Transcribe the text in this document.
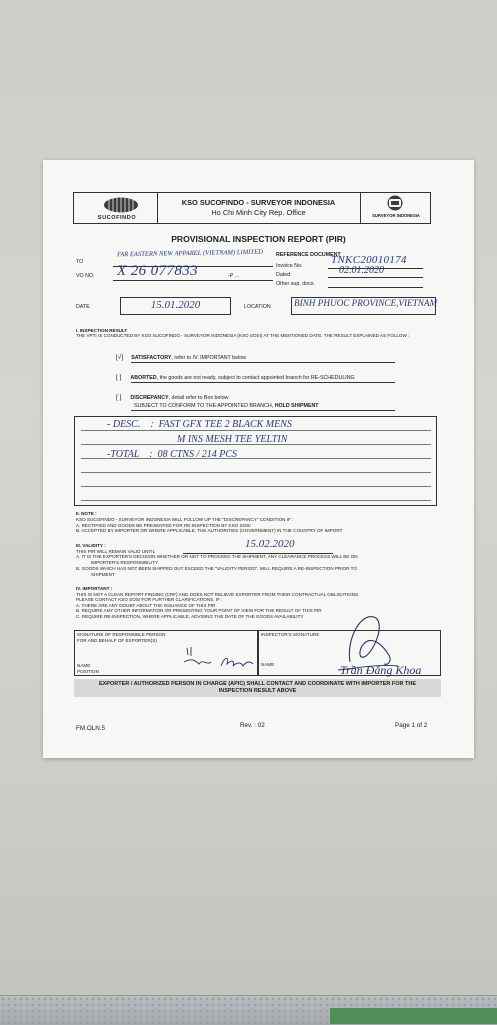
SUCOFINDO
KSO SUCOFINDO - SURVEYOR INDONESIA
Ho Chi Minh City Rep. Office	SURVEYOR INDONESIA
PROVISIONAL INSPECTION REPORT (PIR)
TO
FAR EASTERN NEW APPAREL (VIETNAM) LIMITED
VO NO. X 26 077833	-P ...
REFERENCE DOCUMENT
Invoice No.	TNKC20010174
Dated	02.01.2020
Other sup. docs.
DATE	15.01.2020	LOCATION	BINH PHUOC PROVINCE,VIETNAM
I. INSPECTION RESULT
THE VPTI IS CONDUCTED BY KSO SUCOFINDO - SURVEYOR INDONESIA (KSO SOSI) AT THE MENTIONED DATE. THE RESULT EXPLAINED AS FOLLOW :
[√] SATISFACTORY, refer to IV. IMPORTANT below
[ ] ABORTED, the goods are not ready, subject to contact appointed branch for RE-SCHEDULING
[ ] DISCREPANCY, detail refer to Box below
SUBJECT TO CONFORM TO THE APPOINTED BRANCH, HOLD SHIPMENT
- DESC.    :  FAST GFX TEE 2 BLACK MENS
M INS MESH TEE YELTIN
-TOTAL    :  08 CTNS / 214 PCS
II. NOTE :
KSO SUCOFINDO - SURVEYOR INDONESIA WILL FOLLOW UP THE "DISCREPANCY" CONDITION IF :
A. RECTIFIED AND GOODS BE PRESENTED FOR RE-INSPECTION BY KSO SOSI
B. ACCEPTED BY IMPORTER OR WHERE APPLICABLE, THE AUTHORITIES (GOVERNMENT) IN THE COUNTRY OF IMPORT
III. VALIDITY :
THIS PIR WILL REMAIN VALID UNTIL
15.02.2020
A. IT IS THE EXPORTER'S DECISION WHETHER OR NOT TO PROCEED THE SHIPMENT, ANY CLEARANCE PROCESS WILL BE ON
IMPORTER'S RESPONSIBILITY
B. GOODS WHICH HAS NOT BEEN SHIPPED OUT EXCEED THE "VALIDITY PERIOD", WILL REQUIRE A RE-INSPECTION PRIOR TO
SHIPMENT
IV. IMPORTANT :
THIS IS NOT A CLEAN REPORT FINDING (CRF) AND DOES NOT RELIEVE EXPORTER FROM THEIR CONTRACTUAL OBLIGATIONS.
PLEASE CONTACT KSO SOSI FOR FURTHER CLARIFICATIONS, IF :
A. THERE ARE ANY DOUBT ABOUT THE ISSUANCE OF THIS PIR
B. REQUIRE ANY OTHER INFORMATION OR PRESENTING YOUR POINT OF VIEW FOR THE RESULT OF THIS PIR
C. REQUIRE RE-INSPECTION, WHERE APPLICABLE, ADVISING THE DATE OF THE GOODS AVAILABILITY
SIGNATURE OF RESPONSIBLE PERSON
FOR AND BEHALF OF EXPORTER(S)
NAME
POSITION
INSPECTOR'S SIGNATURE
NAME	Trần Đăng Khoa
EXPORTER / AUTHORIZED PERSON IN CHARGE (APIC) SHALL CONTACT AND COORDINATE WITH IMPORTER FOR THE
INSPECTION RESULT ABOVE
FM.OLN.5	Rev. : 02	Page 1 of 2
